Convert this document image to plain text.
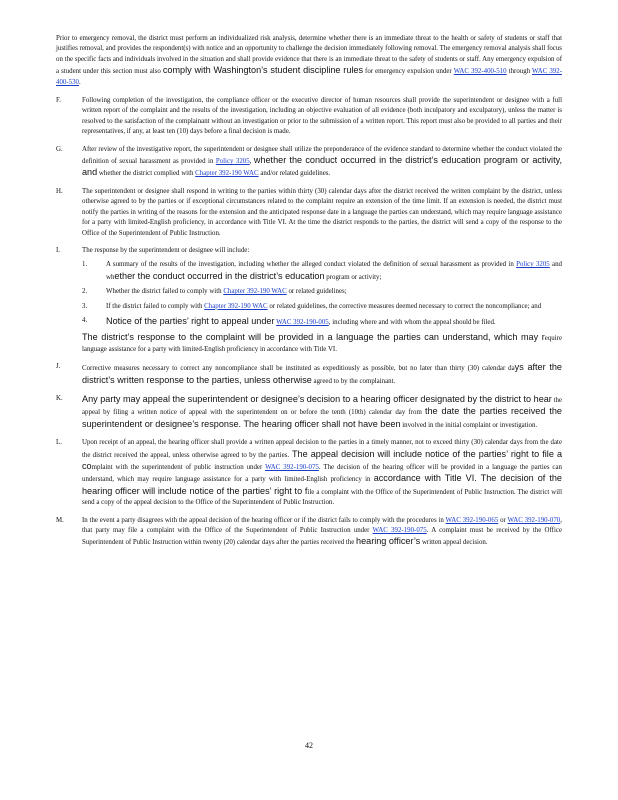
Prior to emergency removal, the district must perform an individualized risk analysis, determine whether there is an immediate threat to the health or safety of students or staff that justifies removal, and provides the respondent(s) with notice and an opportunity to challenge the decision immediately following removal. The emergency removal analysis shall focus on the specific facts and individuals involved in the situation and shall provide evidence that there is an immediate threat to the safety of students or staff. Any emergency expulsion of a student under this section must also comply with Washington’s student discipline rules for emergency expulsion under WAC 392-400-510 through WAC 392-400-530.
F.	Following completion of the investigation, the compliance officer or the executive director of human resources shall provide the superintendent or designee with a full written report of the complaint and the results of the investigation, including an objective evaluation of all evidence (both inculpatory and exculpatory), unless the matter is resolved to the satisfaction of the complainant without an investigation or prior to the submission of a written report. This report must also be provided to all parties and their representatives, if any, at least ten (10) days before a final decision is made.
G.	After review of the investigative report, the superintendent or designee shall utilize the preponderance of the evidence standard to determine whether the conduct violated the definition of sexual harassment as provided in Policy 3205, whether the conduct occurred in the district’s education program or activity, and whether the district complied with Chapter 392-190 WAC and/or related guidelines.
H.	The superintendent or designee shall respond in writing to the parties within thirty (30) calendar days after the district received the written complaint by the district, unless otherwise agreed to by the parties or if exceptional circumstances related to the complaint require an extension of the time limit. If an extension is needed, the district must notify the parties in writing of the reasons for the extension and the anticipated response date in a language the parties can understand, which may require language assistance for a party with limited-English proficiency, in accordance with Title VI. At the time the district responds to the parties, the district will send a copy of the response to the Office of the Superintendent of Public Instruction.
I.	The response by the superintendent or designee will include:
1.	A summary of the results of the investigation, including whether the alleged conduct violated the definition of sexual harassment as provided in Policy 3205 and whether the conduct occurred in the district’s education program or activity;
2.	Whether the district failed to comply with Chapter 392-190 WAC or related guidelines;
3.	If the district failed to comply with Chapter 392-190 WAC or related guidelines, the corrective measures deemed necessary to correct the noncompliance; and
4.	Notice of the parties’ right to appeal under WAC 392-190-005, including where and with whom the appeal should be filed.
The district’s response to the complaint will be provided in a language the parties can understand, which may require language assistance for a party with limited-English proficiency in accordance with Title VI.
J.	Corrective measures necessary to correct any noncompliance shall be instituted as expeditiously as possible, but no later than thirty (30) calendar days after the district’s written response to the parties, unless otherwise agreed to by the complainant.
K.	Any party may appeal the superintendent or designee’s decision to a hearing officer designated by the district to hear the appeal by filing a written notice of appeal with the superintendent on or before the tenth (10th) calendar day from the date the parties received the superintendent or designee’s response. The hearing officer shall not have been involved in the initial complaint or investigation.
L.	Upon receipt of an appeal, the hearing officer shall provide a written appeal decision to the parties in a timely manner, not to exceed thirty (30) calendar days from the date the district received the appeal, unless otherwise agreed to by the parties. The appeal decision will include notice of the parties’ right to file a complaint with the superintendent of public instruction under WAC 392-190-075. The decision of the hearing officer will be provided in a language the parties can understand, which may require language assistance for a party with limited-English proficiency in accordance with Title VI. The decision of the hearing officer will include notice of the parties’ right to file a complaint with the Office of the Superintendent of Public Instruction. The district will send a copy of the appeal decision to the Office of the Superintendent of Public Instruction.
M.	In the event a party disagrees with the appeal decision of the hearing officer or if the district fails to comply with the procedures in WAC 392-190-065 or WAC 392-190-070, that party may file a complaint with the Office of the Superintendent of Public Instruction under WAC 392-190-075. A complaint must be received by the Office Superintendent of Public Instruction within twenty (20) calendar days after the parties received the hearing officer’s written appeal decision.
42
